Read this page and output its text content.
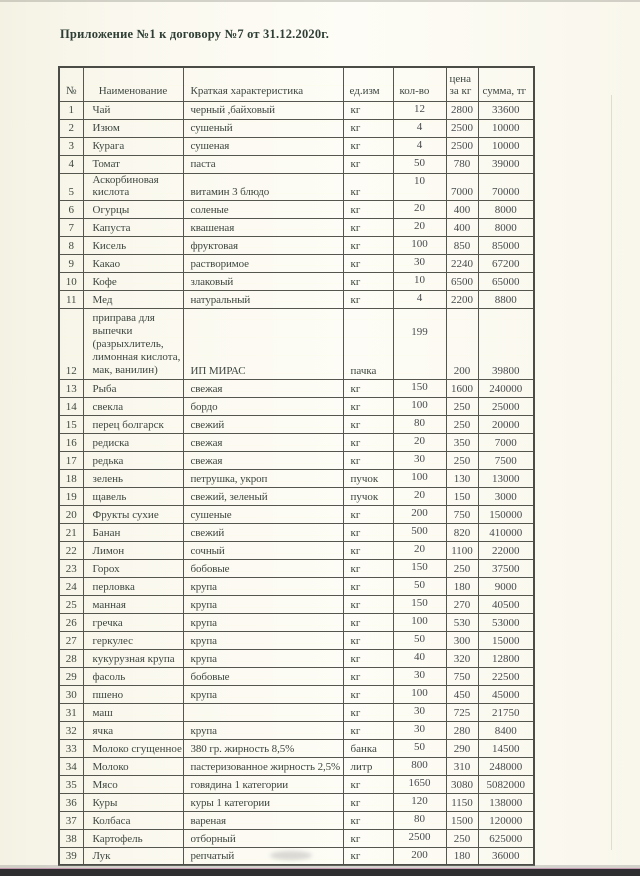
Приложение №1 к договору №7 от 31.12.2020г.
№	Наименование	Краткая характеристика	ед.изм	кол-во	цена за кг	сумма, тг
1	Чай	черный ,байховый	кг	12	2800	33600
2	Изюм	сушеный	кг	4	2500	10000
3	Курага	сушеная	кг	4	2500	10000
4	Томат	паста	кг	50	780	39000
5	Аскорбиновая кислота	витамин 3 блюдо	кг	10	7000	70000
6	Огурцы	соленые	кг	20	400	8000
7	Капуста	квашеная	кг	20	400	8000
8	Кисель	фруктовая	кг	100	850	85000
9	Какао	растворимое	кг	30	2240	67200
10	Кофе	злаковый	кг	10	6500	65000
11	Мед	натуральный	кг	4	2200	8800
12	приправа для выпечки (разрыхлитель, лимонная кислота, мак, ванилин)	ИП МИРАС	пачка	199	200	39800
13	Рыба	свежая	кг	150	1600	240000
14	свекла	бордо	кг	100	250	25000
15	перец болгарск	свежий	кг	80	250	20000
16	редиска	свежая	кг	20	350	7000
17	редька	свежая	кг	30	250	7500
18	зелень	петрушка, укроп	пучок	100	130	13000
19	щавель	свежий, зеленый	пучок	20	150	3000
20	Фрукты сухие	сушеные	кг	200	750	150000
21	Банан	свежий	кг	500	820	410000
22	Лимон	сочный	кг	20	1100	22000
23	Горох	бобовые	кг	150	250	37500
24	перловка	крупа	кг	50	180	9000
25	манная	крупа	кг	150	270	40500
26	гречка	крупа	кг	100	530	53000
27	геркулес	крупа	кг	50	300	15000
28	кукурузная крупа	крупа	кг	40	320	12800
29	фасоль	бобовые	кг	30	750	22500
30	пшено	крупа	кг	100	450	45000
31	маш		кг	30	725	21750
32	ячка	крупа	кг	30	280	8400
33	Молоко сгущенное	380 гр. жирность 8,5%	банка	50	290	14500
34	Молоко	пастеризованное жирность 2,5%	литр	800	310	248000
35	Мясо	говядина 1 категории	кг	1650	3080	5082000
36	Куры	куры 1 категории	кг	120	1150	138000
37	Колбаса	вареная	кг	80	1500	120000
38	Картофель	отборный	кг	2500	250	625000
39	Лук	репчатый	кг	200	180	36000
